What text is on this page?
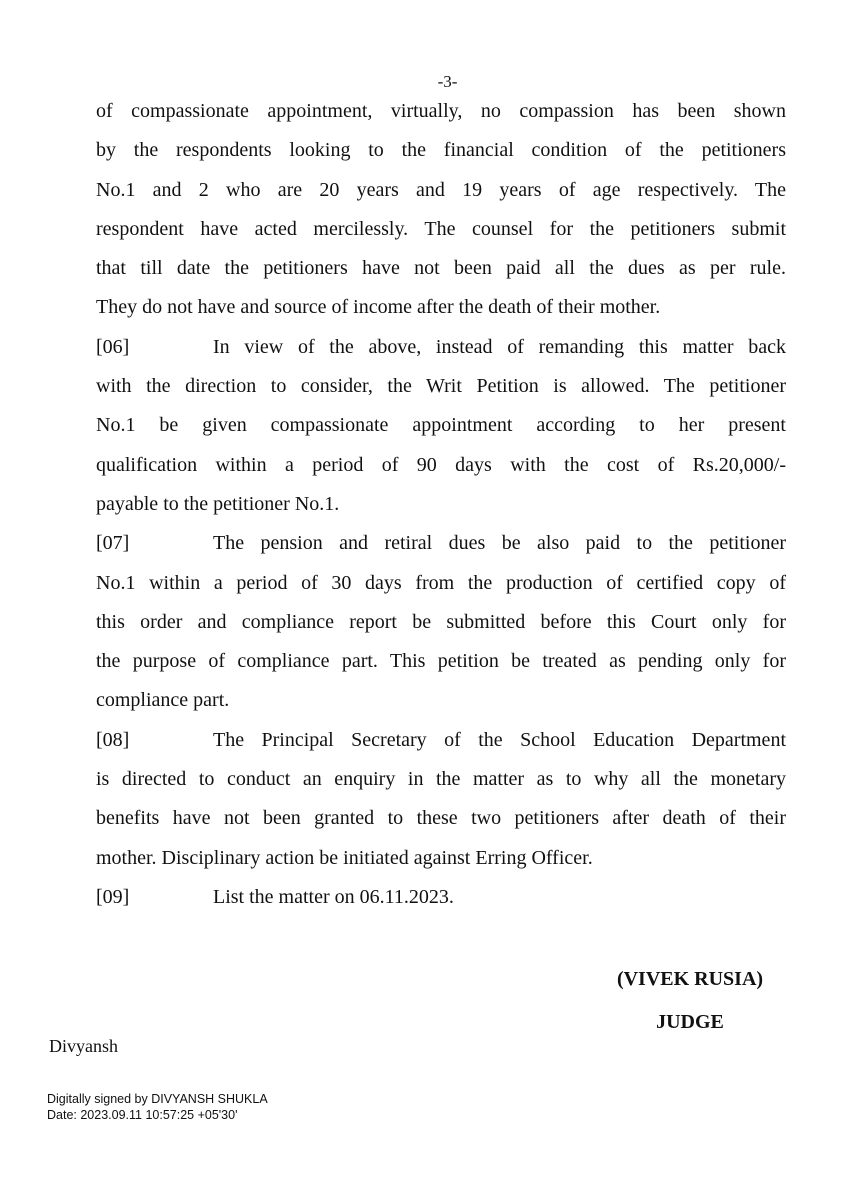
-3-
of compassionate appointment, virtually, no compassion has been shown
by the respondents looking to the financial condition of the petitioners
No.1 and 2 who are 20 years and 19 years of age respectively. The
respondent have acted mercilessly. The counsel for the petitioners submit
that till date the petitioners have not been paid all the dues as per rule.
They do not have and source of income after the death of their mother.
[06]	In view of the above, instead of remanding this matter back
with the direction to consider, the Writ Petition is allowed. The petitioner
No.1 be given compassionate appointment according to her present
qualification within a period of 90 days with the cost of Rs.20,000/-
payable to the petitioner No.1.
[07]	The pension and retiral dues be also paid to the petitioner
No.1 within a period of 30 days from the production of certified copy of
this order and compliance report be submitted before this Court only for
the purpose of compliance part. This petition be treated as pending only for
compliance part.
[08]	The Principal Secretary of the School Education Department
is directed to conduct an enquiry in the matter as to why all the monetary
benefits have not been granted to these two petitioners after death of their
mother. Disciplinary action be initiated against Erring Officer.
[09]	List the matter on 06.11.2023.
(VIVEK RUSIA)
JUDGE
Divyansh
Digitally signed by DIVYANSH SHUKLA
Date: 2023.09.11 10:57:25 +05'30'
